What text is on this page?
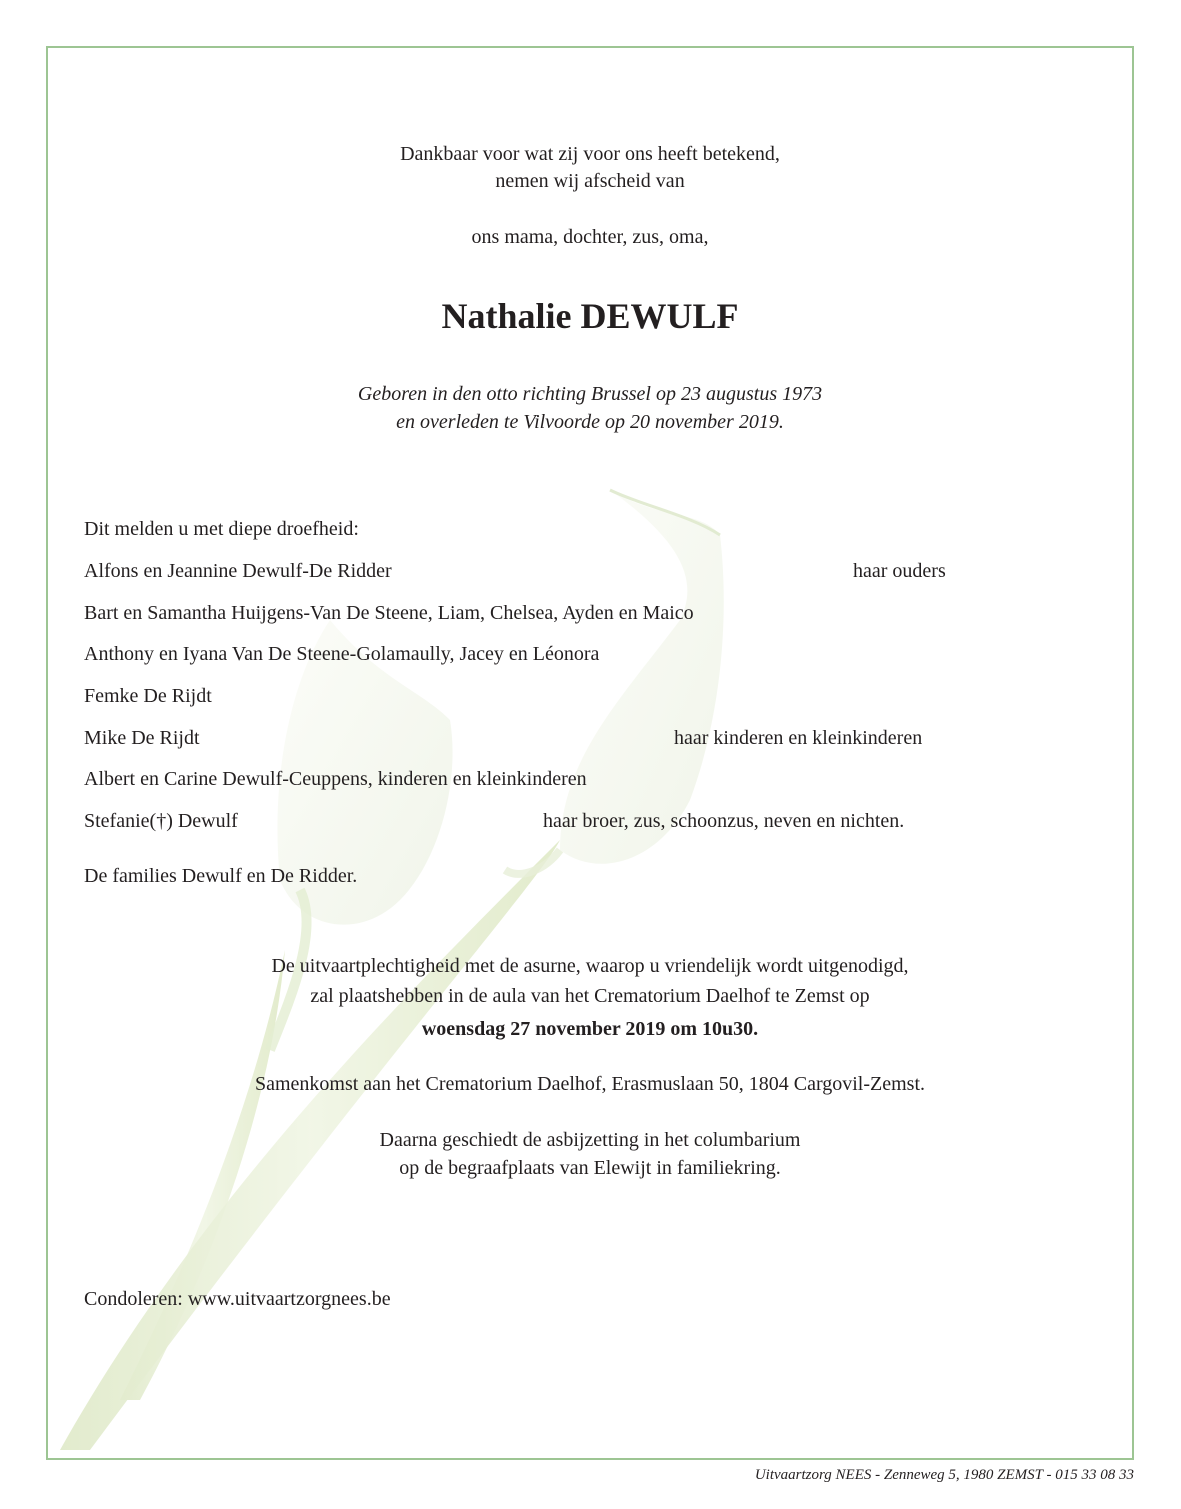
Dankbaar voor wat zij voor ons heeft betekend,
nemen wij afscheid van
ons mama, dochter, zus, oma,
Nathalie DEWULF
Geboren in den otto richting Brussel op 23 augustus 1973
en overleden te Vilvoorde op 20 november 2019.
Dit melden u met diepe droefheid:
Alfons en Jeannine Dewulf-De Ridder	haar ouders
Bart en Samantha Huijgens-Van De Steene, Liam, Chelsea, Ayden en Maico
Anthony en Iyana Van De Steene-Golamaully, Jacey en Léonora
Femke De Rijdt
Mike De Rijdt	haar kinderen en kleinkinderen
Albert en Carine Dewulf-Ceuppens, kinderen en kleinkinderen
Stefanie(†) Dewulf	haar broer, zus, schoonzus, neven en nichten.
De families Dewulf en De Ridder.
De uitvaartplechtigheid met de asurne, waarop u vriendelijk wordt uitgenodigd,
zal plaatshebben in de aula van het Crematorium Daelhof te Zemst op
woensdag 27 november 2019 om 10u30.
Samenkomst aan het Crematorium Daelhof, Erasmuslaan 50, 1804 Cargovil-Zemst.
Daarna geschiedt de asbijzetting in het columbarium
op de begraafplaats van Elewijt in familiekring.
Condoleren: www.uitvaartzorgnees.be
Uitvaartzorg NEES - Zenneweg 5, 1980 ZEMST - 015 33 08 33
